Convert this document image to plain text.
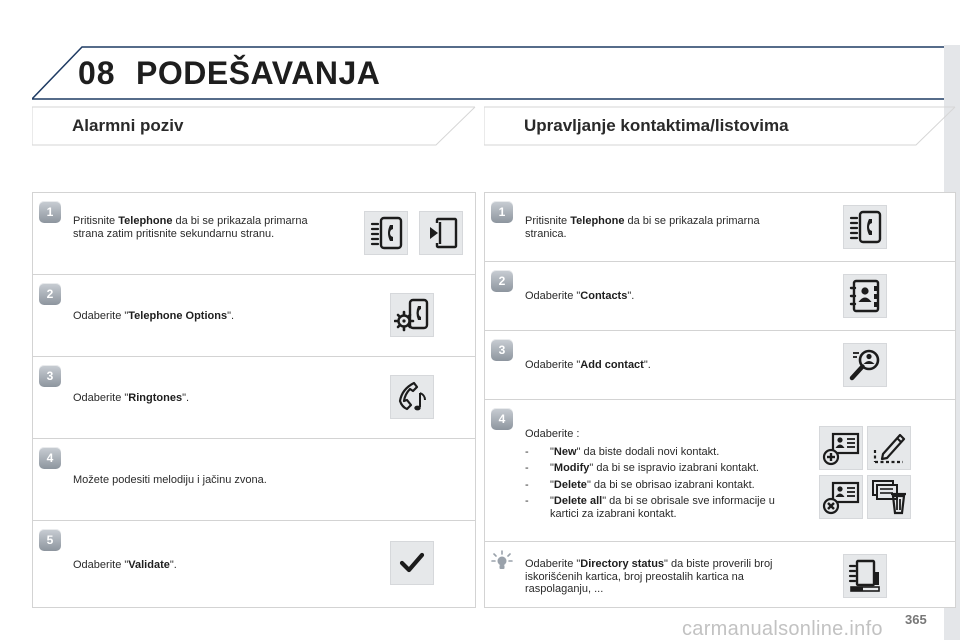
08 PODEŠAVANJA
Alarmni poziv	Upravljanje kontaktima/listovima
1
Pritisnite Telephone da bi se prikazala primarna strana zatim pritisnite sekundarnu stranu.
2
Odaberite "Telephone Options".
3
Odaberite "Ringtones".
4
Možete podesiti melodiju i jačinu zvona.
5
Odaberite "Validate".
1
Pritisnite Telephone da bi se prikazala primarna stranica.
2
Odaberite "Contacts".
3
Odaberite "Add contact".
4
Odaberite :
- "New" da biste dodali novi kontakt.
- "Modify" da bi se ispravio izabrani kontakt.
- "Delete" da bi se obrisao izabrani kontakt.
- "Delete all" da bi se obrisale sve informacije u kartici za izabrani kontakt.
Odaberite "Directory status" da biste proverili broj iskorišćenih kartica, broj preostalih kartica na raspolaganju, ...
365
carmanualsonline.info
